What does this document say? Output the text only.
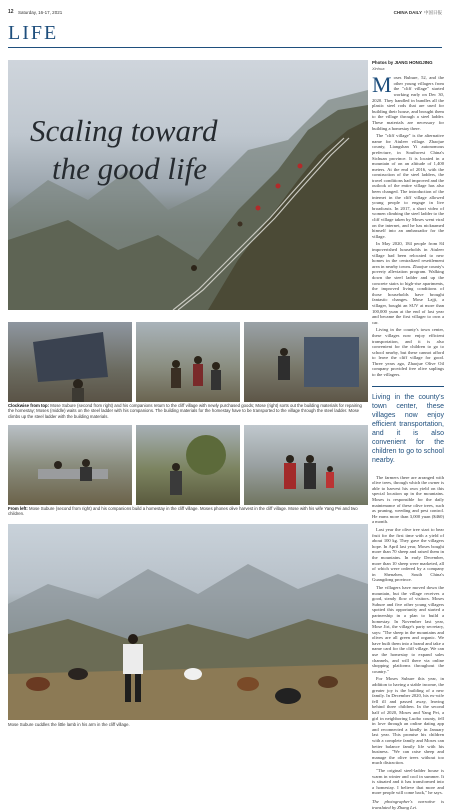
12 Saturday, 16-17, 2021	CHINA DAILY 中国日报
LIFE
Scaling toward
the good life
Photos by JIANG HONGJING
Xinhua

Moses Bubure, 52, and the other young villagers from the "cliff village" started working early on Dec 30, 2020. They handled in bundles all the plastic steel rods that are used for building their house, and brought them to the village through a steel ladder. These materials are necessary for building a homestay there.

The "cliff village" is the alternative name for Atuleer village. Zhaojue county, Liangshan Yi autonomous prefecture, in Southwest China's Sichuan province. It is located in a mountain of on an altitude of 1,400 meters. At the end of 2016, with the construction of the steel ladders, the travel conditions had improved and the outlook of the entire village has also been changed. The introduction of the internet in the cliff village allowed young people to engage in live broadcasts. In 2017, a short video of women climbing the steel ladder to the cliff village taken by Moses went viral on the internet, and he has nicknamed himself into an ambassador for the village.

In May 2020, 184 people from 84 impoverished households in Atuleer village had been relocated to new homes in the centralized resettlement area in nearby towns. Zhaojue county's poverty alleviation program. Walking down the steel ladder and up the concrete stairs to high-rise apartments, the improved living conditions of those households have brought fantastic changes. Mose Lajji, a villager, bought an SUV at more than 100,000 yuan at the end of last year and became the first villager to own a car.

Living in the county's town center, these villages now enjoy efficient transportation, and it is also convenient for the children to go to school nearby, but these cannot afford to leave the cliff village for good. Three years ago, Zhaojue Olive Oil company provided free olive saplings to the villagers.

Living in the county's town center, these villages now enjoy efficient transportation, and it is also convenient for the children to go to school nearby.

The farmers there are arranged with olive trees, through which the owner is able to harvest his own yield on this special location up in the mountains. Moses is responsible for the daily maintenance of these olive trees, such as pruning, weeding and pest control. He earns more than 3,000 yuan ($460) a month.

Last year the olive tree start to bear fruit for the first time with a yield of about 100 kg. They gave the villagers hope. In April last year, Moses bought more than 70 sheep and raised them in the mountains. In early December, more than 10 sheep were marketed, all of which were ordered by a company in Shenzhen, South China's Guangdong province.

The villagers have moved down the mountain, but the village receives a good, steady flow of visitors. Moses Subure and five other young villagers spotted this opportunity and started a partnership in a plan to build a homestay. In November last year, Mose Jiri, the village's party secretary, says: "The sheep in the mountains and olives are all green and organic. We have built them into a brand and take a name card for the cliff village. We can use the homestay to expand sales channels, and will there via online shopping platforms throughout the country."

For Moses Subure this year, in addition to having a stable income, the greater joy is the building of a new family. In December 2020, his ex-wife fell ill and passed away, leaving behind three children. In the second half of 2020, Moses and Yang Pei, a girl in neighboring Luobo county, fell in love through an online dating app and reconnected a kindly in January last year. This promise his children with a complete family and Moses can better balance family life with his business. "We can raise sheep and manage the olive trees without too much distraction.

"The original steel-ladder house is warm in winter and cool in summer. It is situated and it has transformed into a homestay. I believe that more and more people will come back," he says.

The photographer's narrative is translated by Zhang Lei.
Clockwise from top: Mose Subure (second from right) and his companions return to the cliff village with newly purchased goods; Mose (right) sorts out the building materials for repairing the homestay; Moses (middle) waits on the steel ladder with his companions. The building materials for the homestay have to be transported to the village through the steel ladder. Mose climbs up the steel ladder with the building materials.
From left: Mose Subure (second from right) and his companions build a homestay in the cliff village. Moses phones olive harvest in the cliff village. Mose with his wife Yang Pei and two children.
Mose Subure cuddles the little lamb in his arm in the cliff village.
